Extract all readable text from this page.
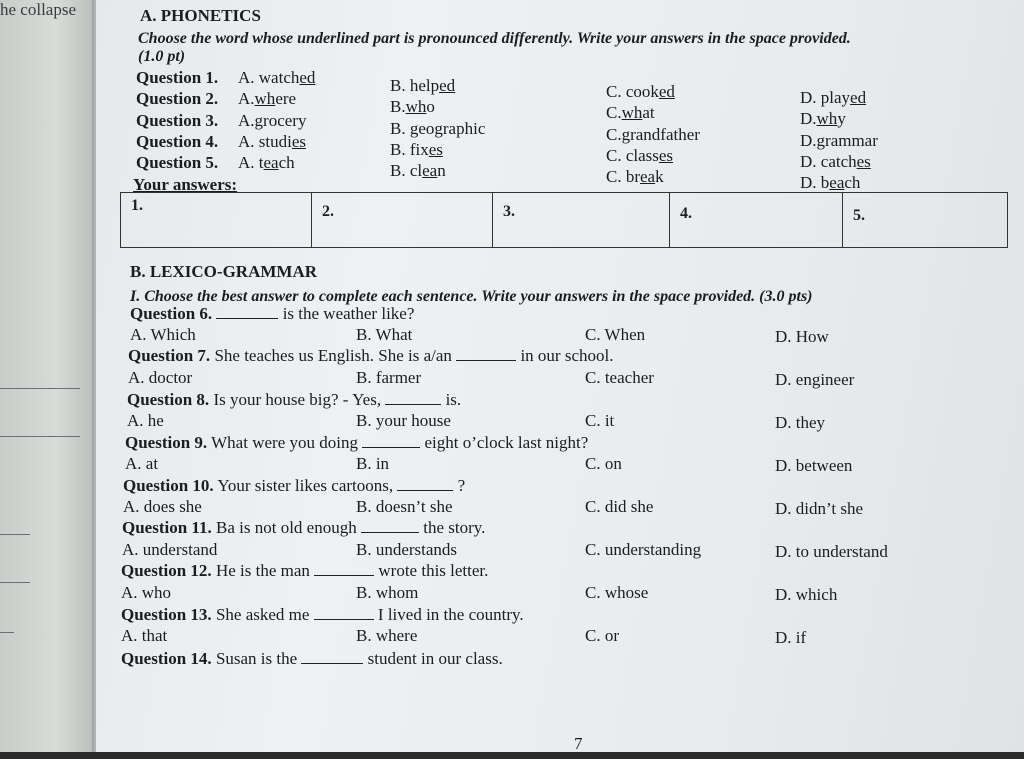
he collapse	A. PHONETICS
Choose the word whose underlined part is pronounced differently. Write your answers in the space provided.
(1.0 pt)
Question 1. A. watched	B. helped	C. cooked	D. played
Question 2. A.where	B.who	C.what	D.why
Question 3. A.grocery	B. geographic	C.grandfather	D.grammar
Question 4. A. studies	B. fixes	C. classes	D. catches
Question 5. A. teach	B. clean	C. break	D. beach
Your answers:
1.	2.	3.	4.	5.
B. LEXICO-GRAMMAR
I. Choose the best answer to complete each sentence. Write your answers in the space provided. (3.0 pts)
Question 6.	is the weather like?
A. Which	B. What	C. When	D. How
Question 7. She teaches us English. She is a/an	in our school.
A. doctor	B. farmer	C. teacher	D. engineer
Question 8. Is your house big? - Yes,	is.
A. he	B. your house	C. it	D. they
Question 9. What were you doing	eight o’clock last night?
A. at	B. in	C. on	D. between
Question 10. Your sister likes cartoons,	?
A. does she	B. doesn’t she	C. did she	D. didn’t she
Question 11. Ba is not old enough	the story.
A. understand	B. understands	C. understanding	D. to understand
Question 12. He is the man	wrote this letter.
A. who	B. whom	C. whose	D. which
Question 13. She asked me	I lived in the country.
A. that	B. where	C. or	D. if
Question 14. Susan is the	student in our class.
7
